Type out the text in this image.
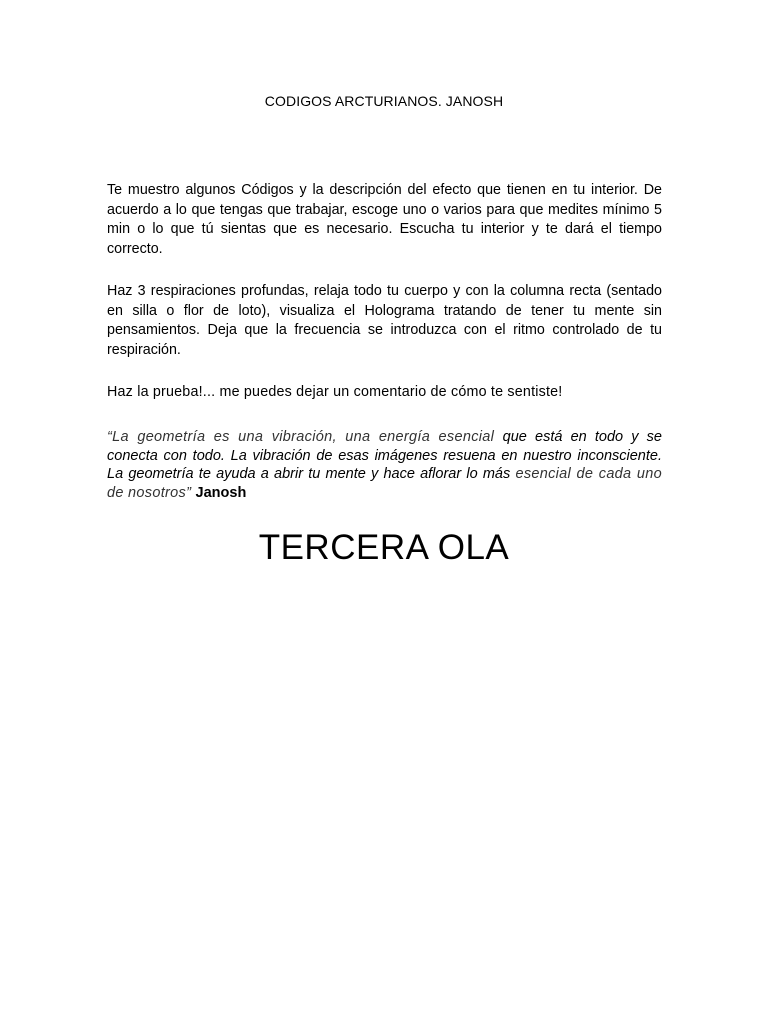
CODIGOS ARCTURIANOS. JANOSH
Te muestro algunos Códigos y la descripción del efecto que tienen en tu interior. De acuerdo a lo que tengas que trabajar, escoge uno o varios para que medites mínimo 5 min o lo que tú sientas que es necesario. Escucha tu interior y te dará el tiempo correcto.
Haz 3 respiraciones profundas, relaja todo tu cuerpo y con la columna recta (sentado en silla o flor de loto), visualiza el Holograma tratando de tener tu mente sin pensamientos. Deja que la frecuencia se introduzca con el ritmo controlado de tu respiración.
Haz la prueba!... me puedes dejar un comentario de cómo te sentiste!
“La geometría es una vibración, una energía esencial que está en todo y se conecta con todo. La vibración de esas imágenes resuena en nuestro inconsciente. La geometría te ayuda a abrir tu mente y hace aflorar lo más esencial de cada uno de nosotros” Janosh
TERCERA OLA
